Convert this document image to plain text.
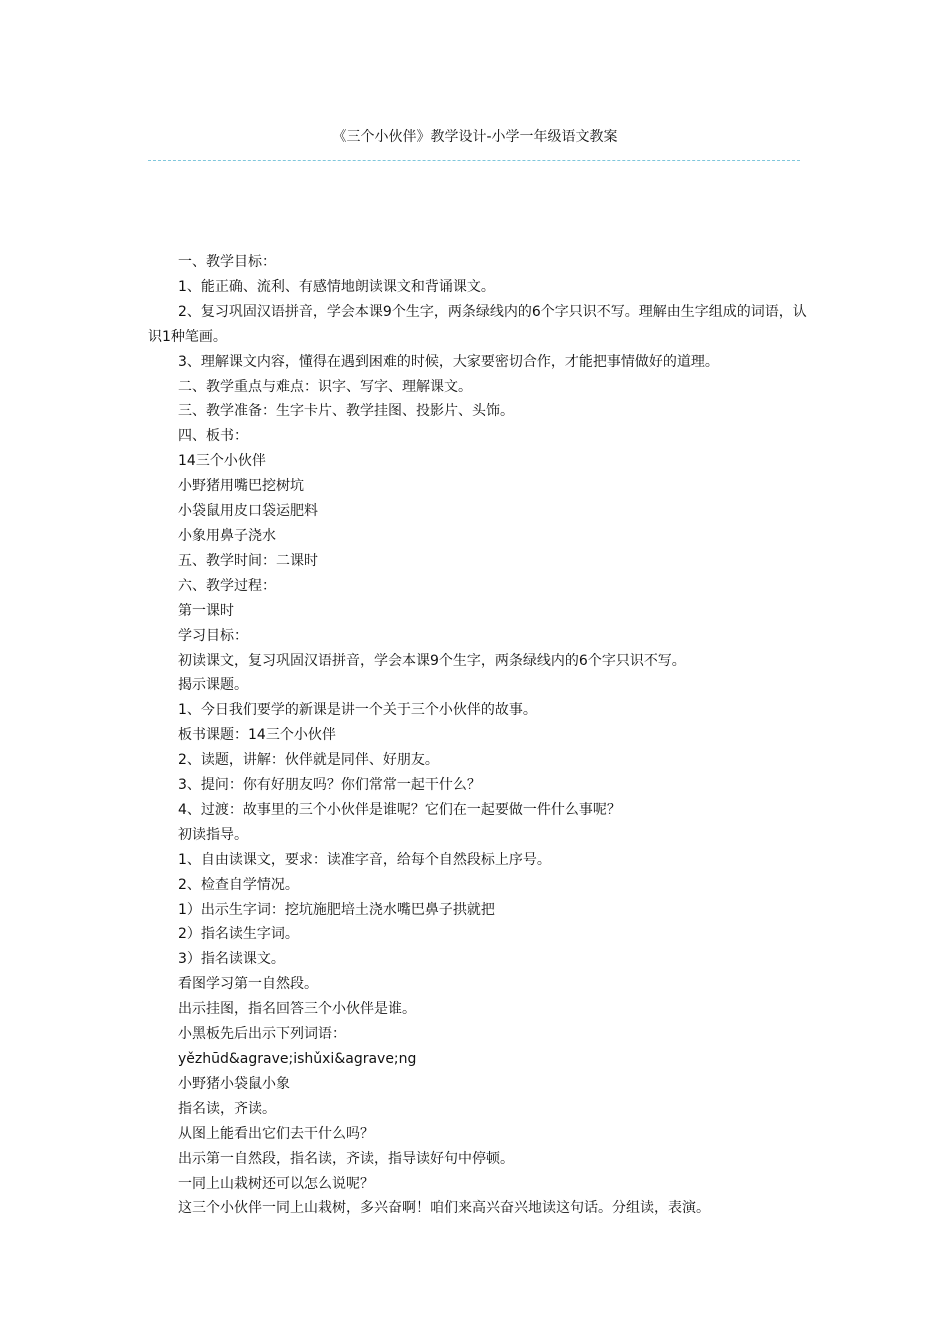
《三个小伙伴》教学设计-小学一年级语文教案

一、教学目标：

1、能正确、流利、有感情地朗读课文和背诵课文。

2、复习巩固汉语拼音，学会本课9个生字，两条绿线内的6个字只识不写。理解由生字组成的词语，认识1种笔画。

3、理解课文内容，懂得在遇到困难的时候，大家要密切合作，才能把事情做好的道理。

二、教学重点与难点：识字、写字、理解课文。

三、教学准备：生字卡片、教学挂图、投影片、头饰。

四、板书：

14三个小伙伴

小野猪用嘴巴挖树坑

小袋鼠用皮口袋运肥料

小象用鼻子浇水

五、教学时间：二课时

六、教学过程：

第一课时

学习目标：

初读课文，复习巩固汉语拼音，学会本课9个生字，两条绿线内的6个字只识不写。

揭示课题。

1、今日我们要学的新课是讲一个关于三个小伙伴的故事。

板书课题：14三个小伙伴

2、读题，讲解：伙伴就是同伴、好朋友。

3、提问：你有好朋友吗？你们常常一起干什么？

4、过渡：故事里的三个小伙伴是谁呢？它们在一起要做一件什么事呢？

初读指导。

1、自由读课文，要求：读准字音，给每个自然段标上序号。

2、检查自学情况。

1）出示生字词：挖坑施肥培土浇水嘴巴鼻子拱就把

2）指名读生字词。

3）指名读课文。

看图学习第一自然段。

出示挂图，指名回答三个小伙伴是谁。

小黑板先后出示下列词语：

yězhūd&agrave;ishǔxi&agrave;ng

小野猪小袋鼠小象

指名读，齐读。

从图上能看出它们去干什么吗？

出示第一自然段，指名读，齐读，指导读好句中停顿。

一同上山栽树还可以怎么说呢？

这三个小伙伴一同上山栽树，多兴奋啊！咱们来高兴奋兴地读这句话。分组读，表演。
